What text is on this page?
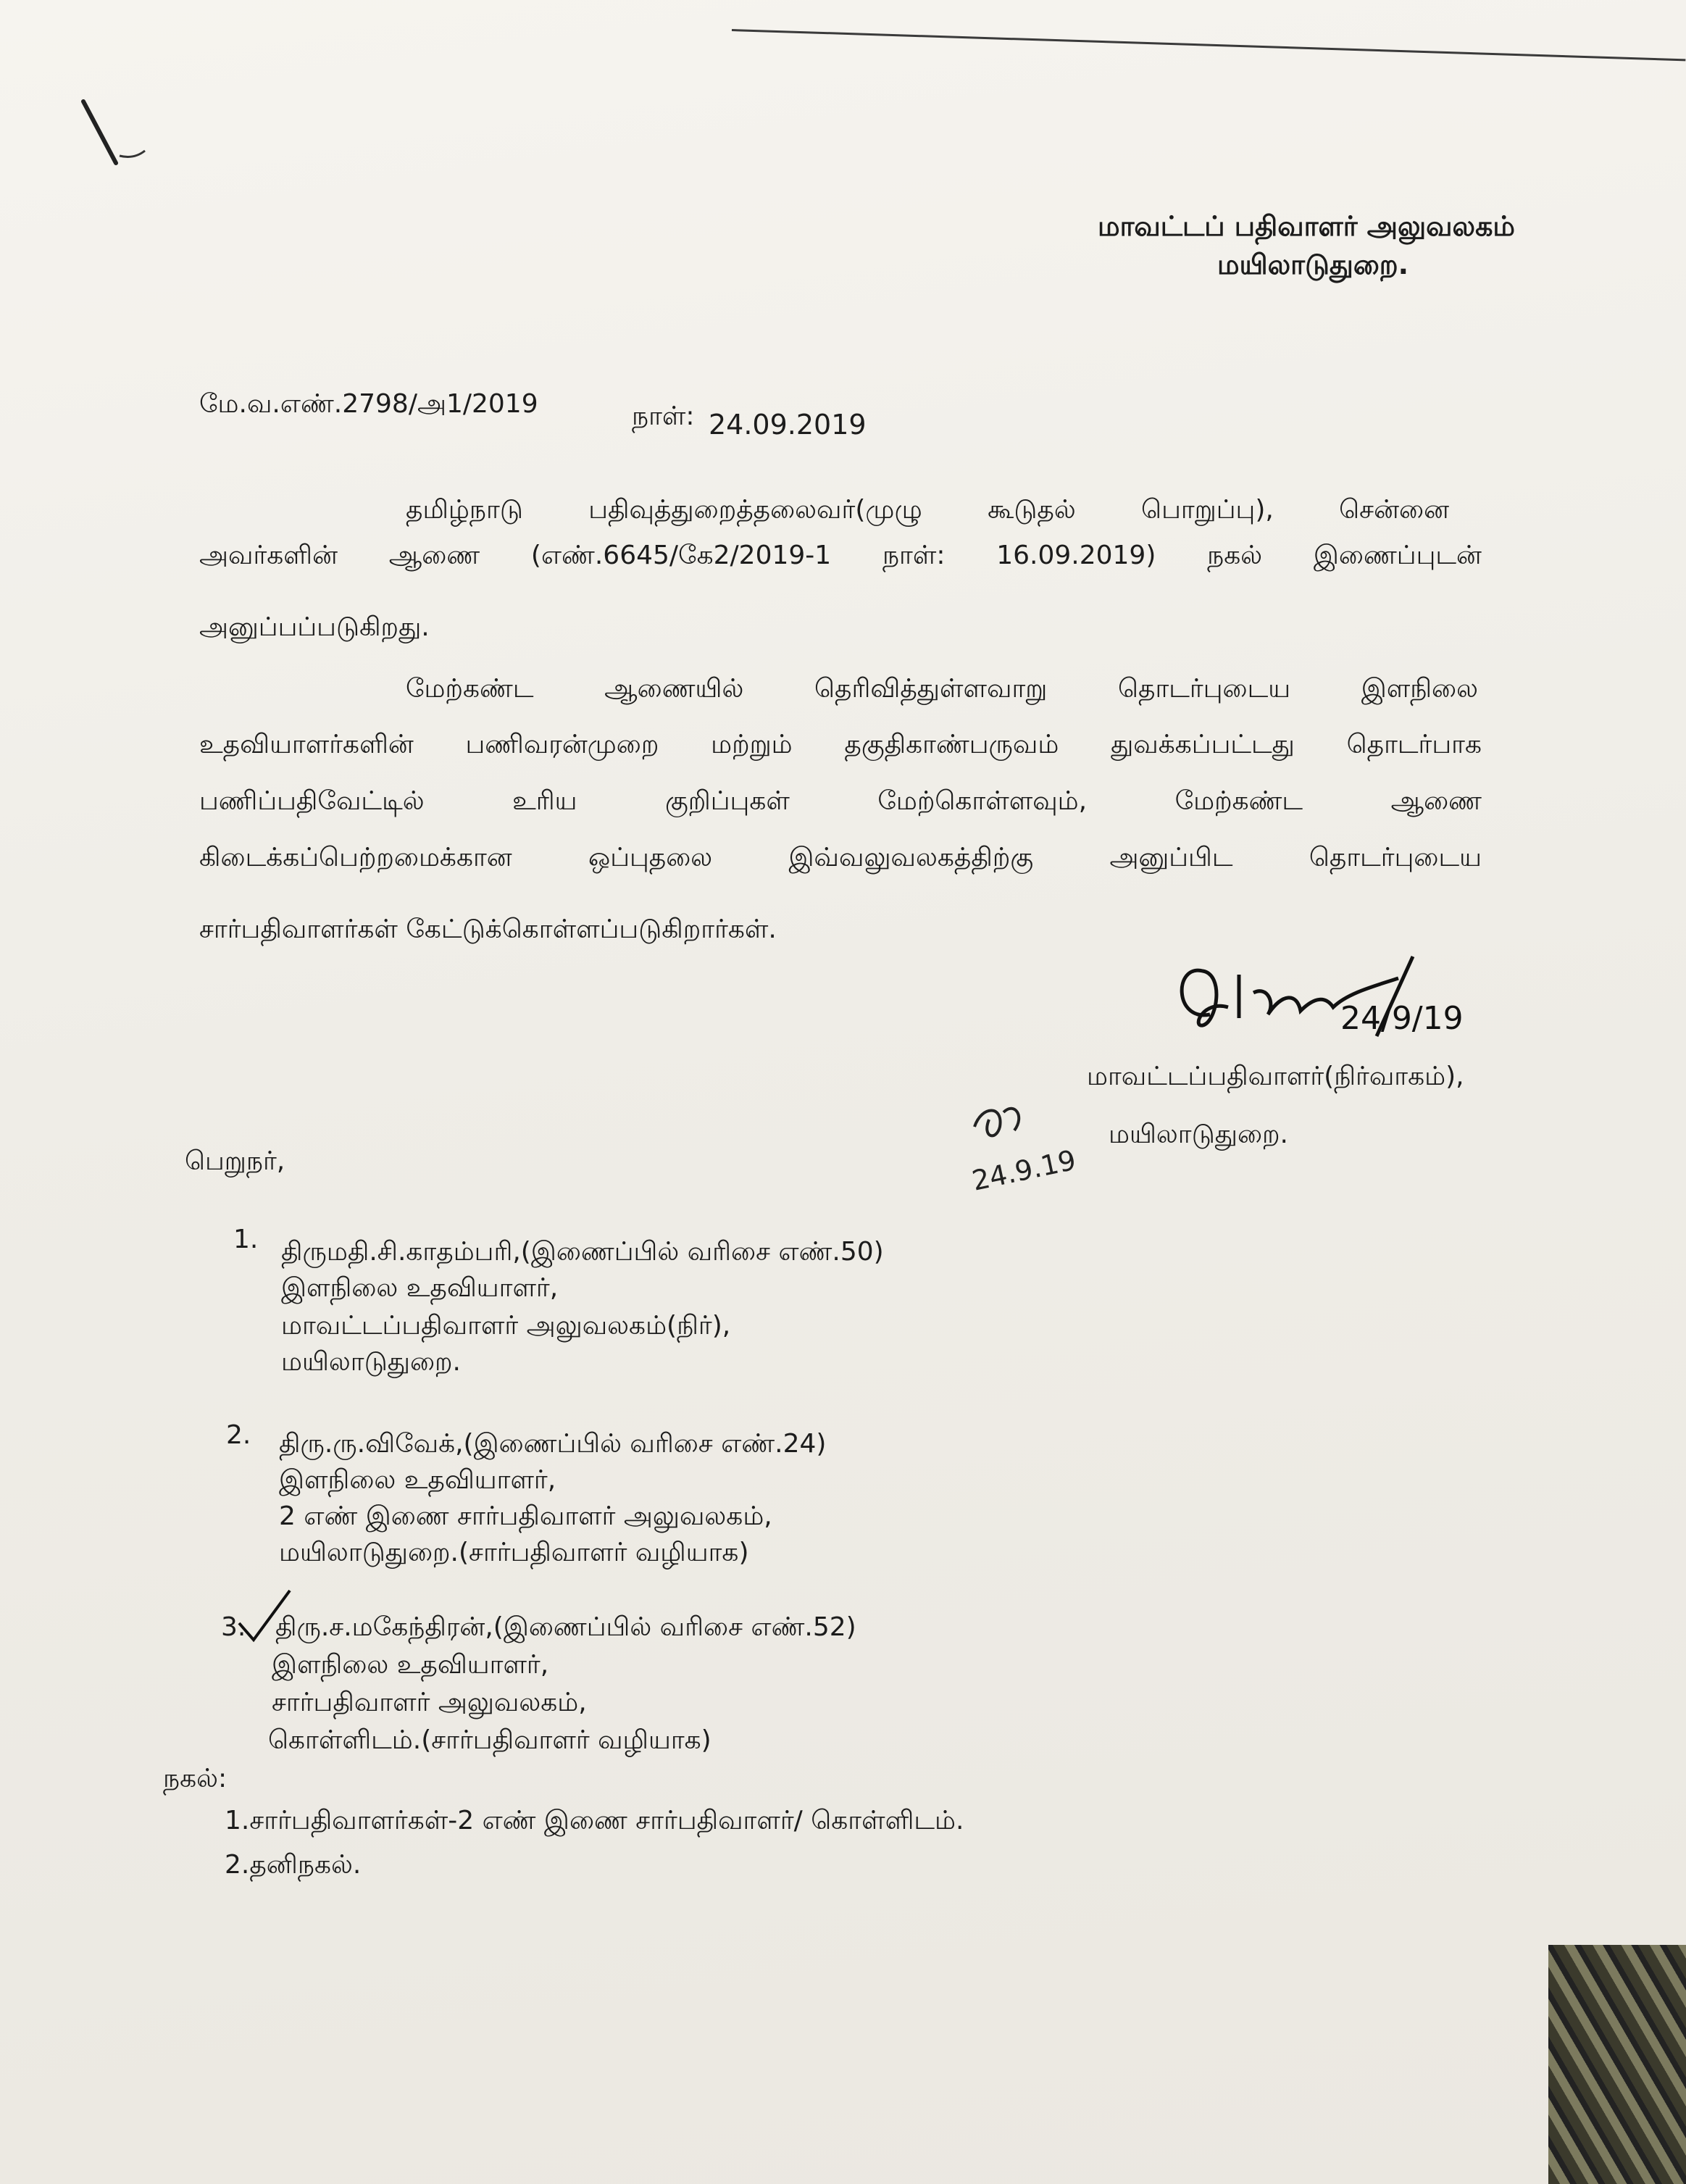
மாவட்டப் பதிவாளர் அலுவலகம்
மயிலாடுதுறை.
மே.வ.எண்.2798/அ1/2019	நாள்: 24.09.2019
தமிழ்நாடு	பதிவுத்துறைத்தலைவர்(முழு	கூடுதல்	பொறுப்பு),	சென்னை
அவர்களின் ஆணை (எண்.6645/கே2/2019-1 நாள்: 16.09.2019) நகல் இணைப்புடன்
அனுப்பப்படுகிறது.
மேற்கண்ட	ஆணையில்	தெரிவித்துள்ளவாறு	தொடர்புடைய	இளநிலை
உதவியாளர்களின் பணிவரன்முறை மற்றும் தகுதிகாண்பருவம் துவக்கப்பட்டது தொடர்பாக
பணிப்பதிவேட்டில்	உரிய	குறிப்புகள்	மேற்கொள்ளவும்,	மேற்கண்ட	ஆணை
கிடைக்கப்பெற்றமைக்கான	ஒப்புதலை	இவ்வலுவலகத்திற்கு	அனுப்பிட	தொடர்புடைய
சார்பதிவாளர்கள் கேட்டுக்கொள்ளப்படுகிறார்கள்.
24/9/19
மாவட்டப்பதிவாளர்(நிர்வாகம்),
மயிலாடுதுறை.
24.9.19
பெறுநர்,
1. திருமதி.சி.காதம்பரி,(இணைப்பில் வரிசை எண்.50)
இளநிலை உதவியாளர்,
மாவட்டப்பதிவாளர் அலுவலகம்(நிர்),
மயிலாடுதுறை.
2. திரு.ரு.விவேக்,(இணைப்பில் வரிசை எண்.24)
இளநிலை உதவியாளர்,
2 எண் இணை சார்பதிவாளர் அலுவலகம்,
மயிலாடுதுறை.(சார்பதிவாளர் வழியாக)
3. திரு.ச.மகேந்திரன்,(இணைப்பில் வரிசை எண்.52)
இளநிலை உதவியாளர்,
சார்பதிவாளர் அலுவலகம்,
கொள்ளிடம்.(சார்பதிவாளர் வழியாக)
நகல்:
1.சார்பதிவாளர்கள்-2 எண் இணை சார்பதிவாளர்/ கொள்ளிடம்.
2.தனிநகல்.
